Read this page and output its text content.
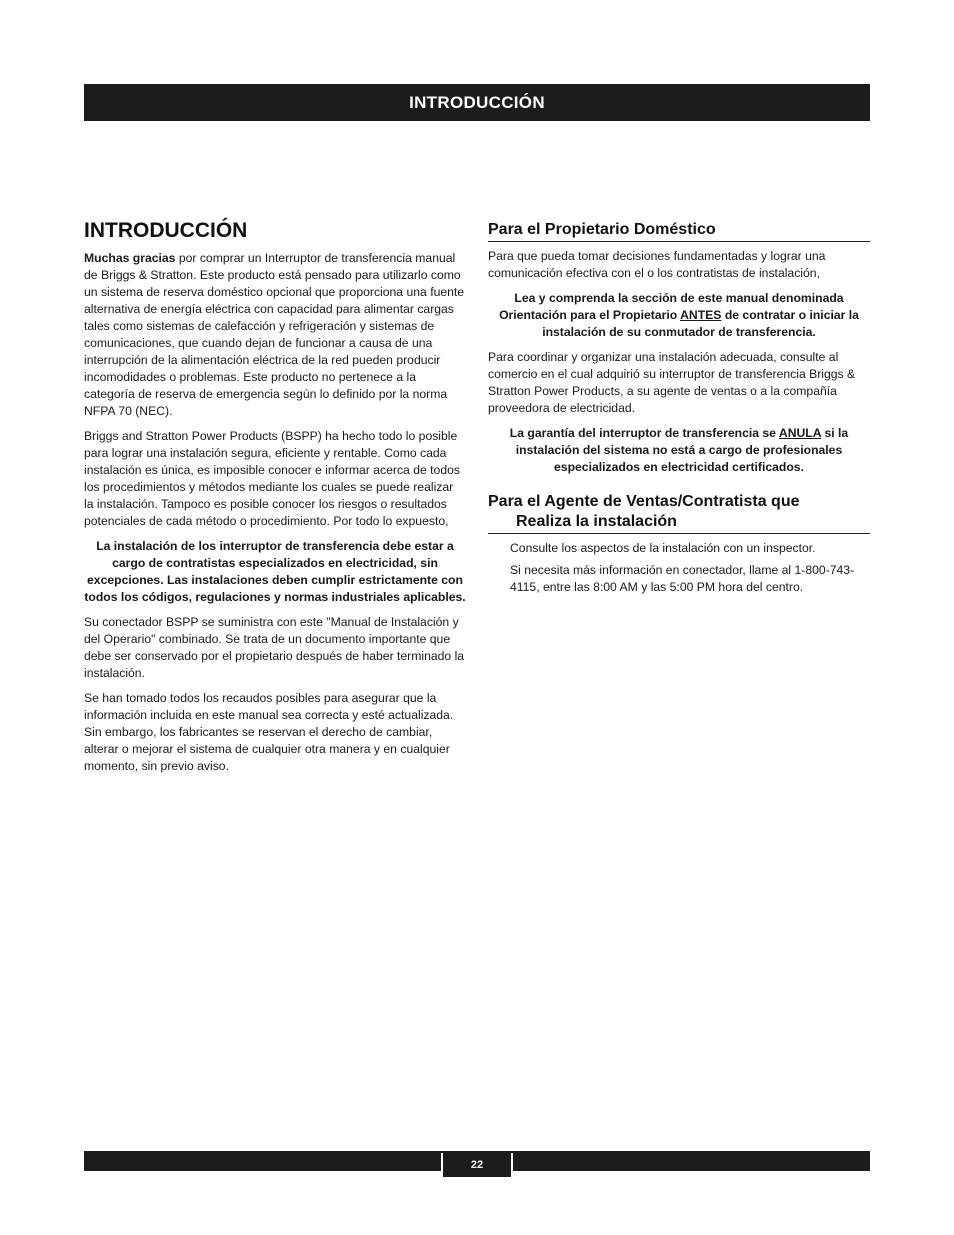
INTRODUCCIÓN
INTRODUCCIÓN

Muchas gracias por comprar un Interruptor de transferencia manual de Briggs & Stratton. Este producto está pensado para utilizarlo como un sistema de reserva doméstico opcional que proporciona una fuente alternativa de energía eléctrica con capacidad para alimentar cargas tales como sistemas de calefacción y refrigeración y sistemas de comunicaciones, que cuando dejan de funcionar a causa de una interrupción de la alimentación eléctrica de la red pueden producir incomodidades o problemas. Este producto no pertenece a la categoría de reserva de emergencia según lo definido por la norma NFPA 70 (NEC).

Briggs and Stratton Power Products (BSPP) ha hecho todo lo posible para lograr una instalación segura, eficiente y rentable. Como cada instalación es única, es imposible conocer e informar acerca de todos los procedimientos y métodos mediante los cuales se puede realizar la instalación. Tampoco es posible conocer los riesgos o resultados potenciales de cada método o procedimiento. Por todo lo expuesto,

La instalación de los interruptor de transferencia debe estar a cargo de contratistas especializados en electricidad, sin excepciones. Las instalaciones deben cumplir estrictamente con todos los códigos, regulaciones y normas industriales aplicables.

Su conectador BSPP se suministra con este "Manual de Instalación y del Operario" combinado. Se trata de un documento importante que debe ser conservado por el propietario después de haber terminado la instalación.

Se han tomado todos los recaudos posibles para asegurar que la información incluida en este manual sea correcta y esté actualizada. Sin embargo, los fabricantes se reservan el derecho de cambiar, alterar o mejorar el sistema de cualquier otra manera y en cualquier momento, sin previo aviso.

Para el Propietario Doméstico

Para que pueda tomar decisiones fundamentadas y lograr una comunicación efectiva con el o los contratistas de instalación,

Lea y comprenda la sección de este manual denominada Orientación para el Propietario ANTES de contratar o iniciar la instalación de su conmutador de transferencia.

Para coordinar y organizar una instalación adecuada, consulte al comercio en el cual adquirió su interruptor de transferencia Briggs & Stratton Power Products, a su agente de ventas o a la compañía proveedora de electricidad.

La garantía del interruptor de transferencia se ANULA si la instalación del sistema no está a cargo de profesionales especializados en electricidad certificados.

Para el Agente de Ventas/Contratista que
Realiza la instalación

Consulte los aspectos de la instalación con un inspector.

Si necesita más información en conectador, llame al 1-800-743-4115, entre las 8:00 AM y las 5:00 PM hora del centro.

22
